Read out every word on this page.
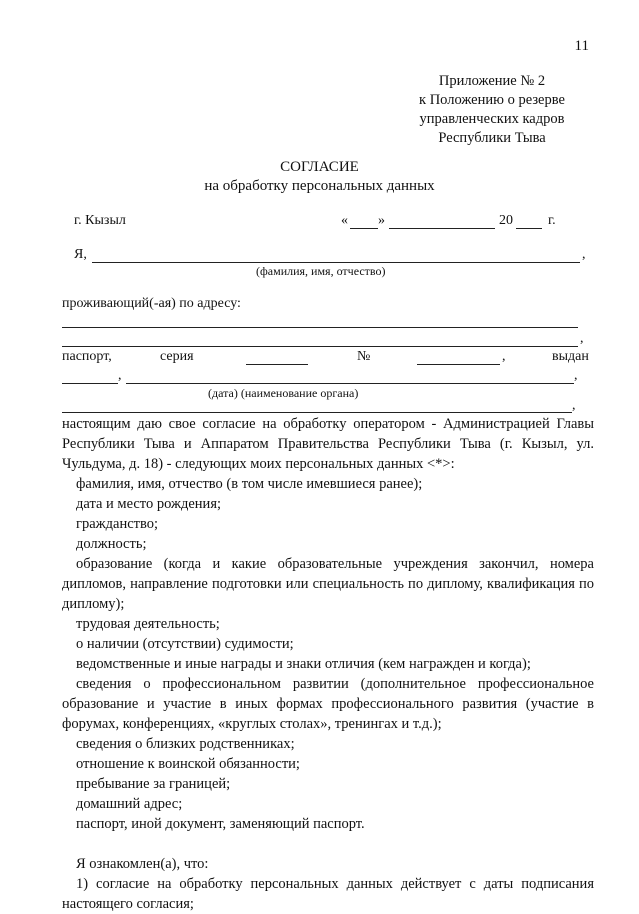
11
Приложение № 2
к Положению о резерве
управленческих кадров
Республики Тыва
СОГЛАСИЕ
на обработку персональных данных
г. Кызыл	« »	20	г.
Я,	,
(фамилия, имя, отчество)
проживающий(-ая) по адресу:
,
паспорт,	серия	№	,	выдан
,	,
(дата) (наименование органа)
,

настоящим даю свое согласие на обработку оператором - Администрацией Главы Республики Тыва и Аппаратом Правительства Республики Тыва (г. Кызыл, ул. Чульдума, д. 18) - следующих моих персональных данных <*>:

фамилия, имя, отчество (в том числе имевшиеся ранее);

дата и место рождения;

гражданство;

должность;

образование (когда и какие образовательные учреждения закончил, номера дипломов, направление подготовки или специальность по диплому, квалификация по диплому);

трудовая деятельность;

о наличии (отсутствии) судимости;

ведомственные и иные награды и знаки отличия (кем награжден и когда);

сведения о профессиональном развитии (дополнительное профессиональное образование и участие в иных формах профессионального развития (участие в форумах, конференциях, «круглых столах», тренингах и т.д.);

сведения о близких родственниках;

отношение к воинской обязанности;

пребывание за границей;

домашний адрес;

паспорт, иной документ, заменяющий паспорт.

Я ознакомлен(а), что:

1) согласие на обработку персональных данных действует с даты подписания настоящего согласия;
